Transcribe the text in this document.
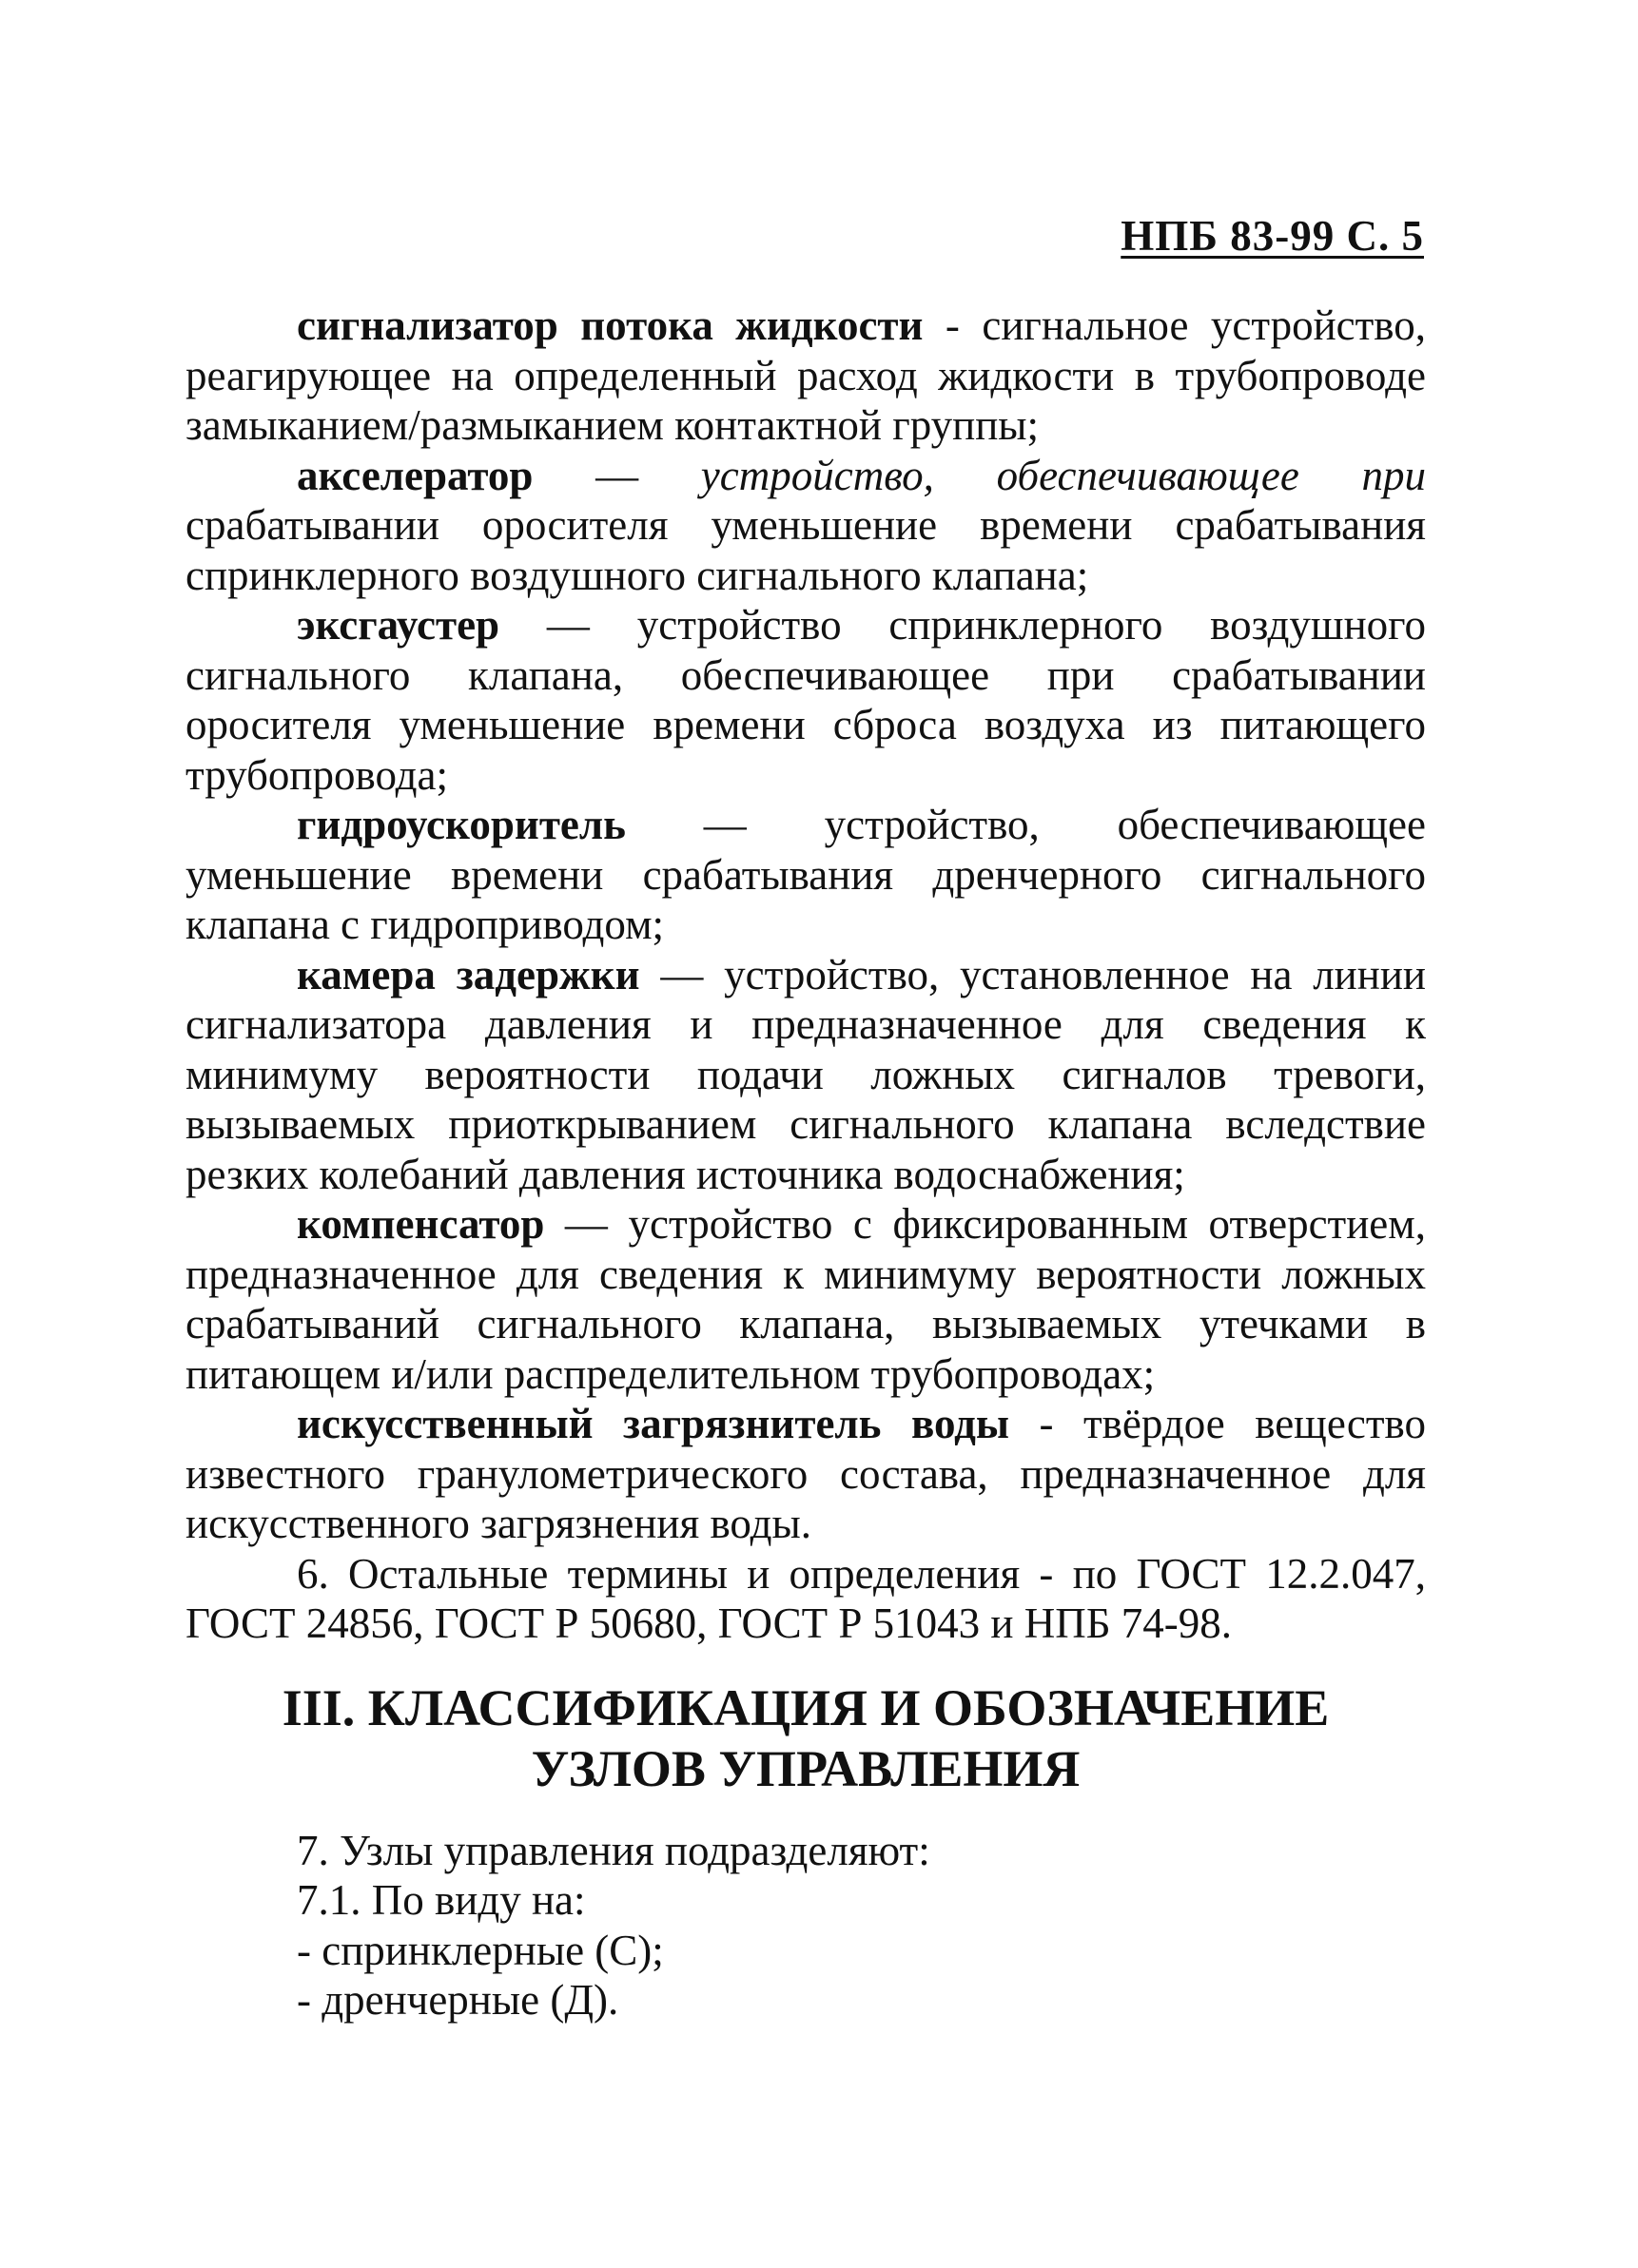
НПБ 83-99 С. 5

сигнализатор потока жидкости - сигнальное устройство, реагирующее на определенный расход жидкости в трубопроводе замыканием/размыканием контактной группы;

акселератор — устройство, обеспечивающее при срабатывании оросителя уменьшение времени срабатывания спринклерного воздушного сигнального клапана;

эксгаустер — устройство спринклерного воздушного сигнального клапана, обеспечивающее при срабатывании оросителя уменьшение времени сброса воздуха из питающего трубопровода;

гидроускоритель — устройство, обеспечивающее уменьшение времени срабатывания дренчерного сигнального клапана с гидроприводом;

камера задержки — устройство, установленное на линии сигнализатора давления и предназначенное для сведения к минимуму вероятности подачи ложных сигналов тревоги, вызываемых приоткрыванием сигнального клапана вследствие резких колебаний давления источника водоснабжения;

компенсатор — устройство с фиксированным отверстием, предназначенное для сведения к минимуму вероятности ложных срабатываний сигнального клапана, вызываемых утечками в питающем и/или распределительном трубопроводах;

искусственный загрязнитель воды - твёрдое вещество известного гранулометрического состава, предназначенное для искусственного загрязнения воды.

6. Остальные термины и определения - по ГОСТ 12.2.047, ГОСТ 24856, ГОСТ Р 50680, ГОСТ Р 51043 и НПБ 74-98.

III. КЛАССИФИКАЦИЯ И ОБОЗНАЧЕНИЕ
УЗЛОВ УПРАВЛЕНИЯ
7. Узлы управления подразделяют:
7.1. По виду на:
- спринклерные (С);
- дренчерные (Д).
